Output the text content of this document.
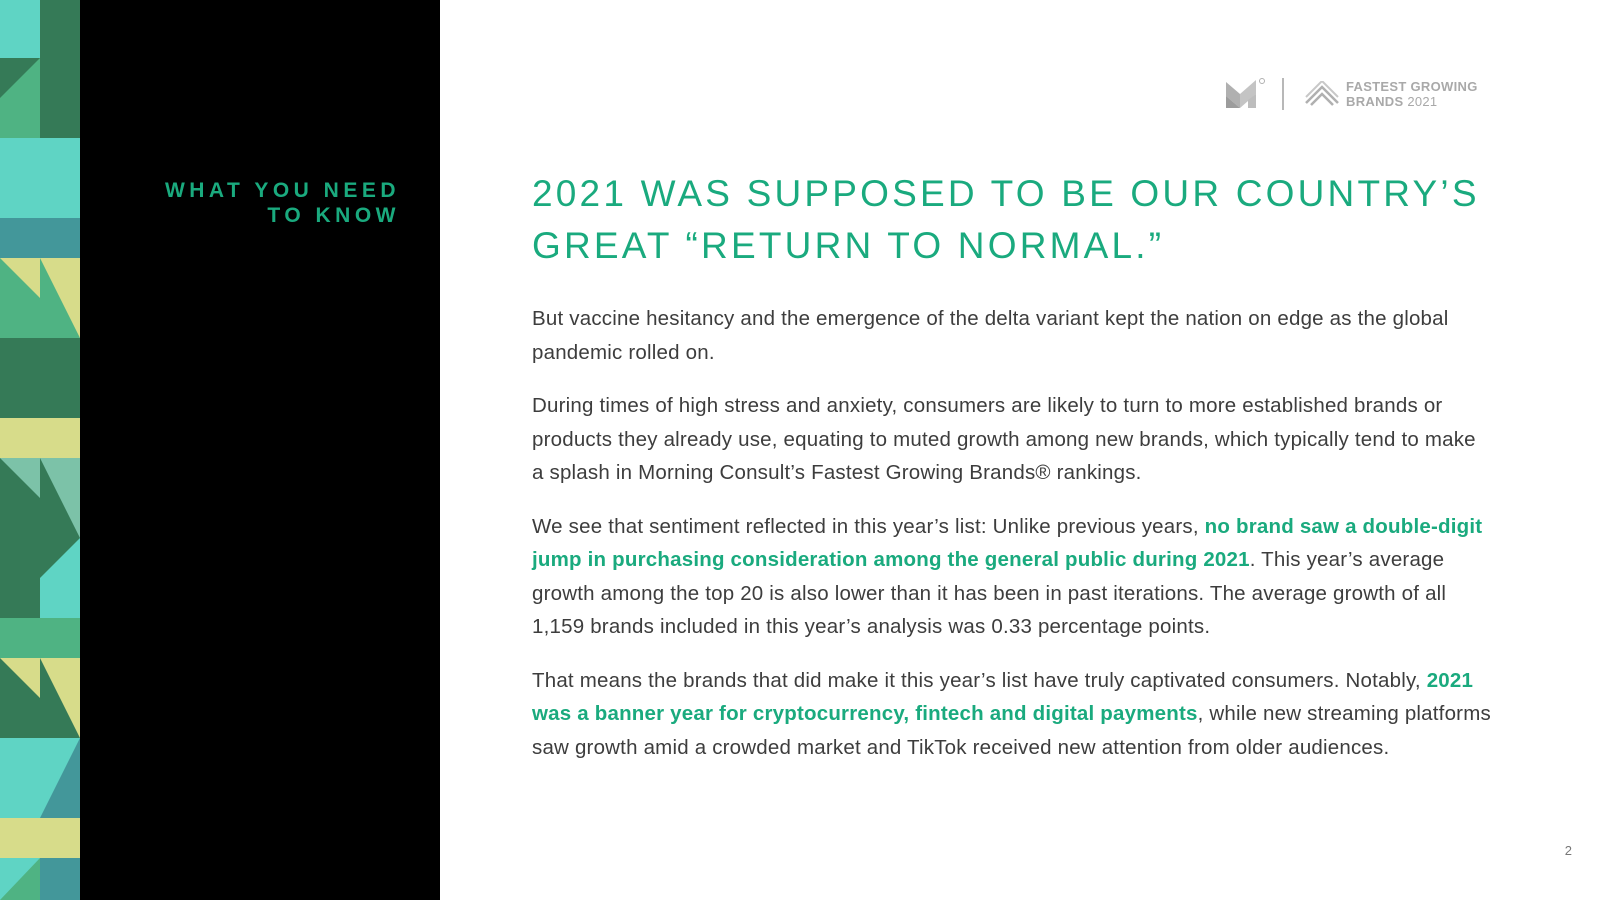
WHAT YOU NEED
TO KNOW
FASTEST GROWING
BRANDS 2021
2021 WAS SUPPOSED TO BE OUR COUNTRY’S
GREAT “RETURN TO NORMAL.”

But vaccine hesitancy and the emergence of the delta variant kept the nation on edge as the global pandemic rolled on.

During times of high stress and anxiety, consumers are likely to turn to more established brands or products they already use, equating to muted growth among new brands, which typically tend to make a splash in Morning Consult’s Fastest Growing Brands® rankings.

We see that sentiment reflected in this year’s list: Unlike previous years, no brand saw a double-digit jump in purchasing consideration among the general public during 2021. This year’s average growth among the top 20 is also lower than it has been in past iterations. The average growth of all 1,159 brands included in this year’s analysis was 0.33 percentage points.

That means the brands that did make it this year’s list have truly captivated consumers. Notably, 2021 was a banner year for cryptocurrency, fintech and digital payments, while new streaming platforms saw growth amid a crowded market and TikTok received new attention from older audiences.

2
